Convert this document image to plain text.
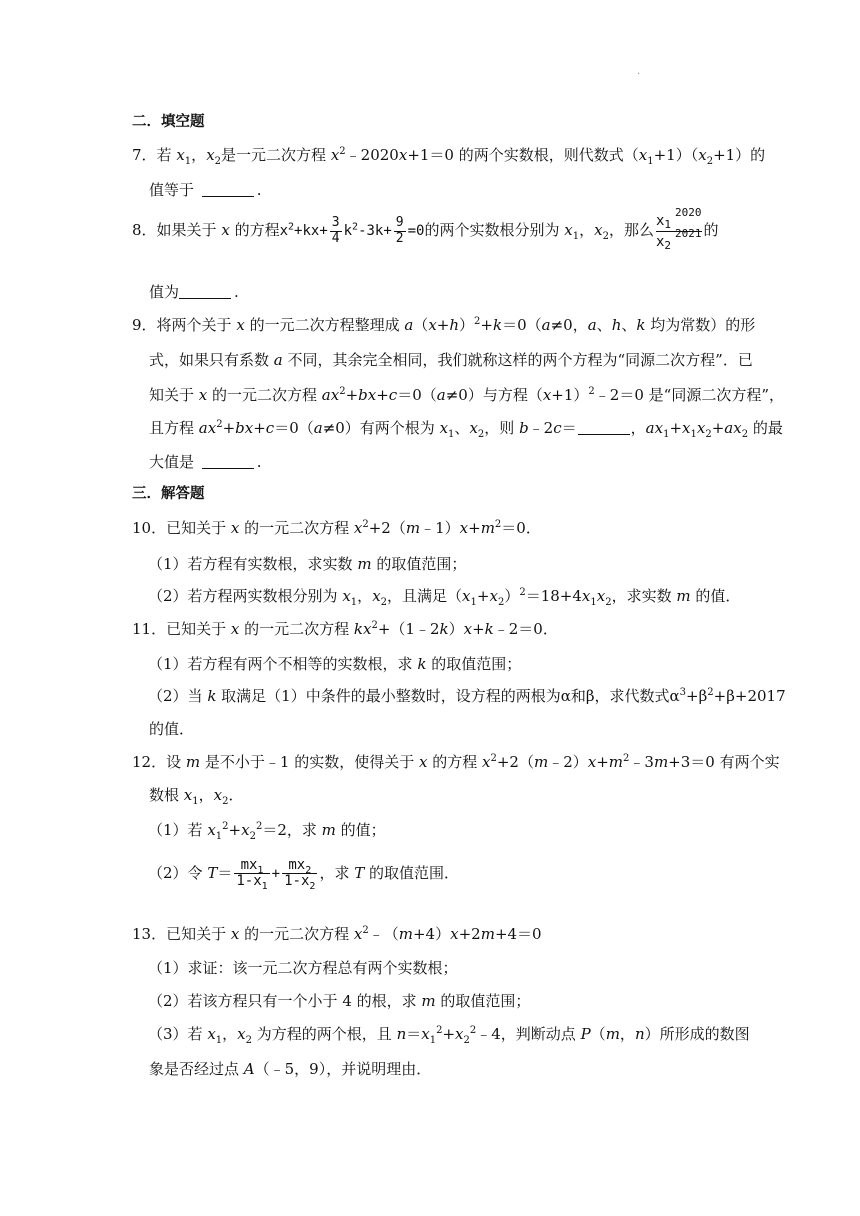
.
二．填空题
7．若 $x_1$，$x_2$是一元二次方程 $x^2﹣2020x+1=0$ 的两个实数根，则代数式$(x_1+1)(x_2+1)$的
值等于	.
8．如果关于 x 的方程$x^2+kx+ \frac{3}{4} k^2-3k+ \frac{9}{2} =0$的两个实数根分别为 $x_1$，$x_2$，那么 $\frac{x_1^{2020}}{x_2^{2021}}$ 的
值为	.
9．将两个关于 x 的一元二次方程整理成 $a(x+h)^2+k=0(a\ne 0$，a、h、k 均为常数）的形
式，如果只有系数 a 不同，其余完全相同，我们就称这样的两个方程为“同源二次方程”．已
知关于 x 的一元二次方程 $ax^2+bx+c=0(a\ne 0)$与方程$(x+1)^2﹣2=0$ 是“同源二次方程”，
且方程 $ax^2+bx+c=0(a\ne 0)$有两个根为 $x_1$、$x_2$，则 b﹣2c＝	，$ax_1+x_1x_2+ax_2$ 的最
大值是	.
三．解答题
10．已知关于 x 的一元二次方程 $x^2+2(m﹣1)x+m^2=0$．
（1）若方程有实数根，求实数 m 的取值范围；
（2）若方程两实数根分别为 $x_1$，$x_2$，且满足$(x_1+x_2)^2=18+4x_1x_2$，求实数 m 的值．
11．已知关于 x 的一元二次方程 $kx^2+(1﹣2k)x+k﹣2=0$．
（1）若方程有两个不相等的实数根，求 k 的取值范围；
（2）当 k 取满足（1）中条件的最小整数时，设方程的两根为α和β，求代数式$\alpha^3+\beta^2+\beta+2017$
的值．
12．设 m 是不小于﹣1 的实数，使得关于 x 的方程 $x^2+2(m﹣2)x+m^2﹣3m+3=0$ 有两个实
数根 $x_1$，$x_2$．
（1）若 $x_1^2+x_2^2=2$，求 m 的值；
（2）令 $T= \frac{mx_1}{1-x_1} + \frac{mx_2}{1-x_2}$ ，求 T 的取值范围．
13．已知关于 x 的一元二次方程 $x^2﹣(m+4)x+2m+4=0$
（1）求证：该一元二次方程总有两个实数根；
（2）若该方程只有一个小于 4 的根，求 m 的取值范围；
（3）若 $x_1$，$x_2$ 为方程的两个根，且 $n=x_1^2+x_2^2﹣4$，判断动点 P（m，n）所形成的数图
象是否经过点 A（﹣5，9），并说明理由．
